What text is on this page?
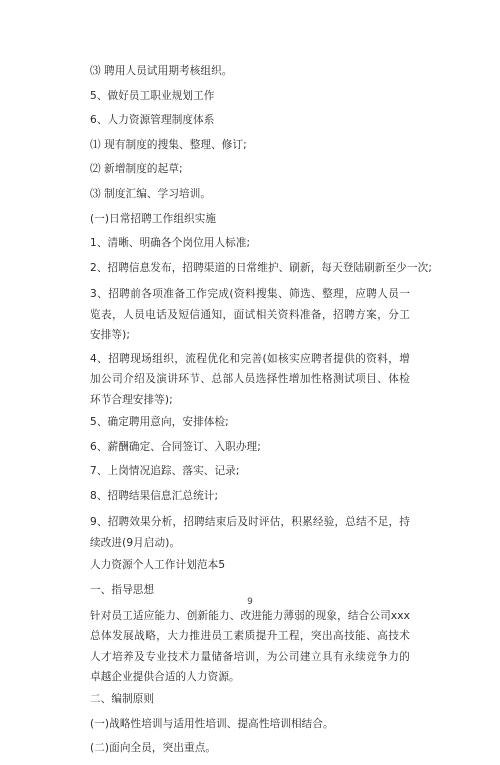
⑶ 聘用人员试用期考核组织。
5、做好员工职业规划工作
6、人力资源管理制度体系
⑴ 现有制度的搜集、整理、修订;
⑵ 新增制度的起草;
⑶ 制度汇编、学习培训。
(一)日常招聘工作组织实施
1、清晰、明确各个岗位用人标准;
2、招聘信息发布，招聘渠道的日常维护、刷新，每天登陆刷新至少一次;
3、招聘前各项准备工作完成(资料搜集、筛选、整理，应聘人员一览表，人员电话及短信通知，面试相关资料准备，招聘方案，分工安排等);
4、招聘现场组织，流程优化和完善(如核实应聘者提供的资料，增加公司介绍及演讲环节、总部人员选择性增加性格测试项目、体检环节合理安排等);
5、确定聘用意向，安排体检;
6、薪酬确定、合同签订、入职办理;
7、上岗情况追踪、落实、记录;
8、招聘结果信息汇总统计;
9、招聘效果分析，招聘结束后及时评估，积累经验，总结不足，持续改进(9月启动)。
人力资源个人工作计划范本5
一、指导思想
针对员工适应能力、创新能力、改进能力薄弱的现象，结合公司xxx总体发展战略，大力推进员工素质提升工程，突出高技能、高技术人才培养及专业技术力量储备培训，为公司建立具有永续竞争力的卓越企业提供合适的人力资源。
二、编制原则
(一)战略性培训与适用性培训、提高性培训相结合。
(二)面向全员，突出重点。
9
